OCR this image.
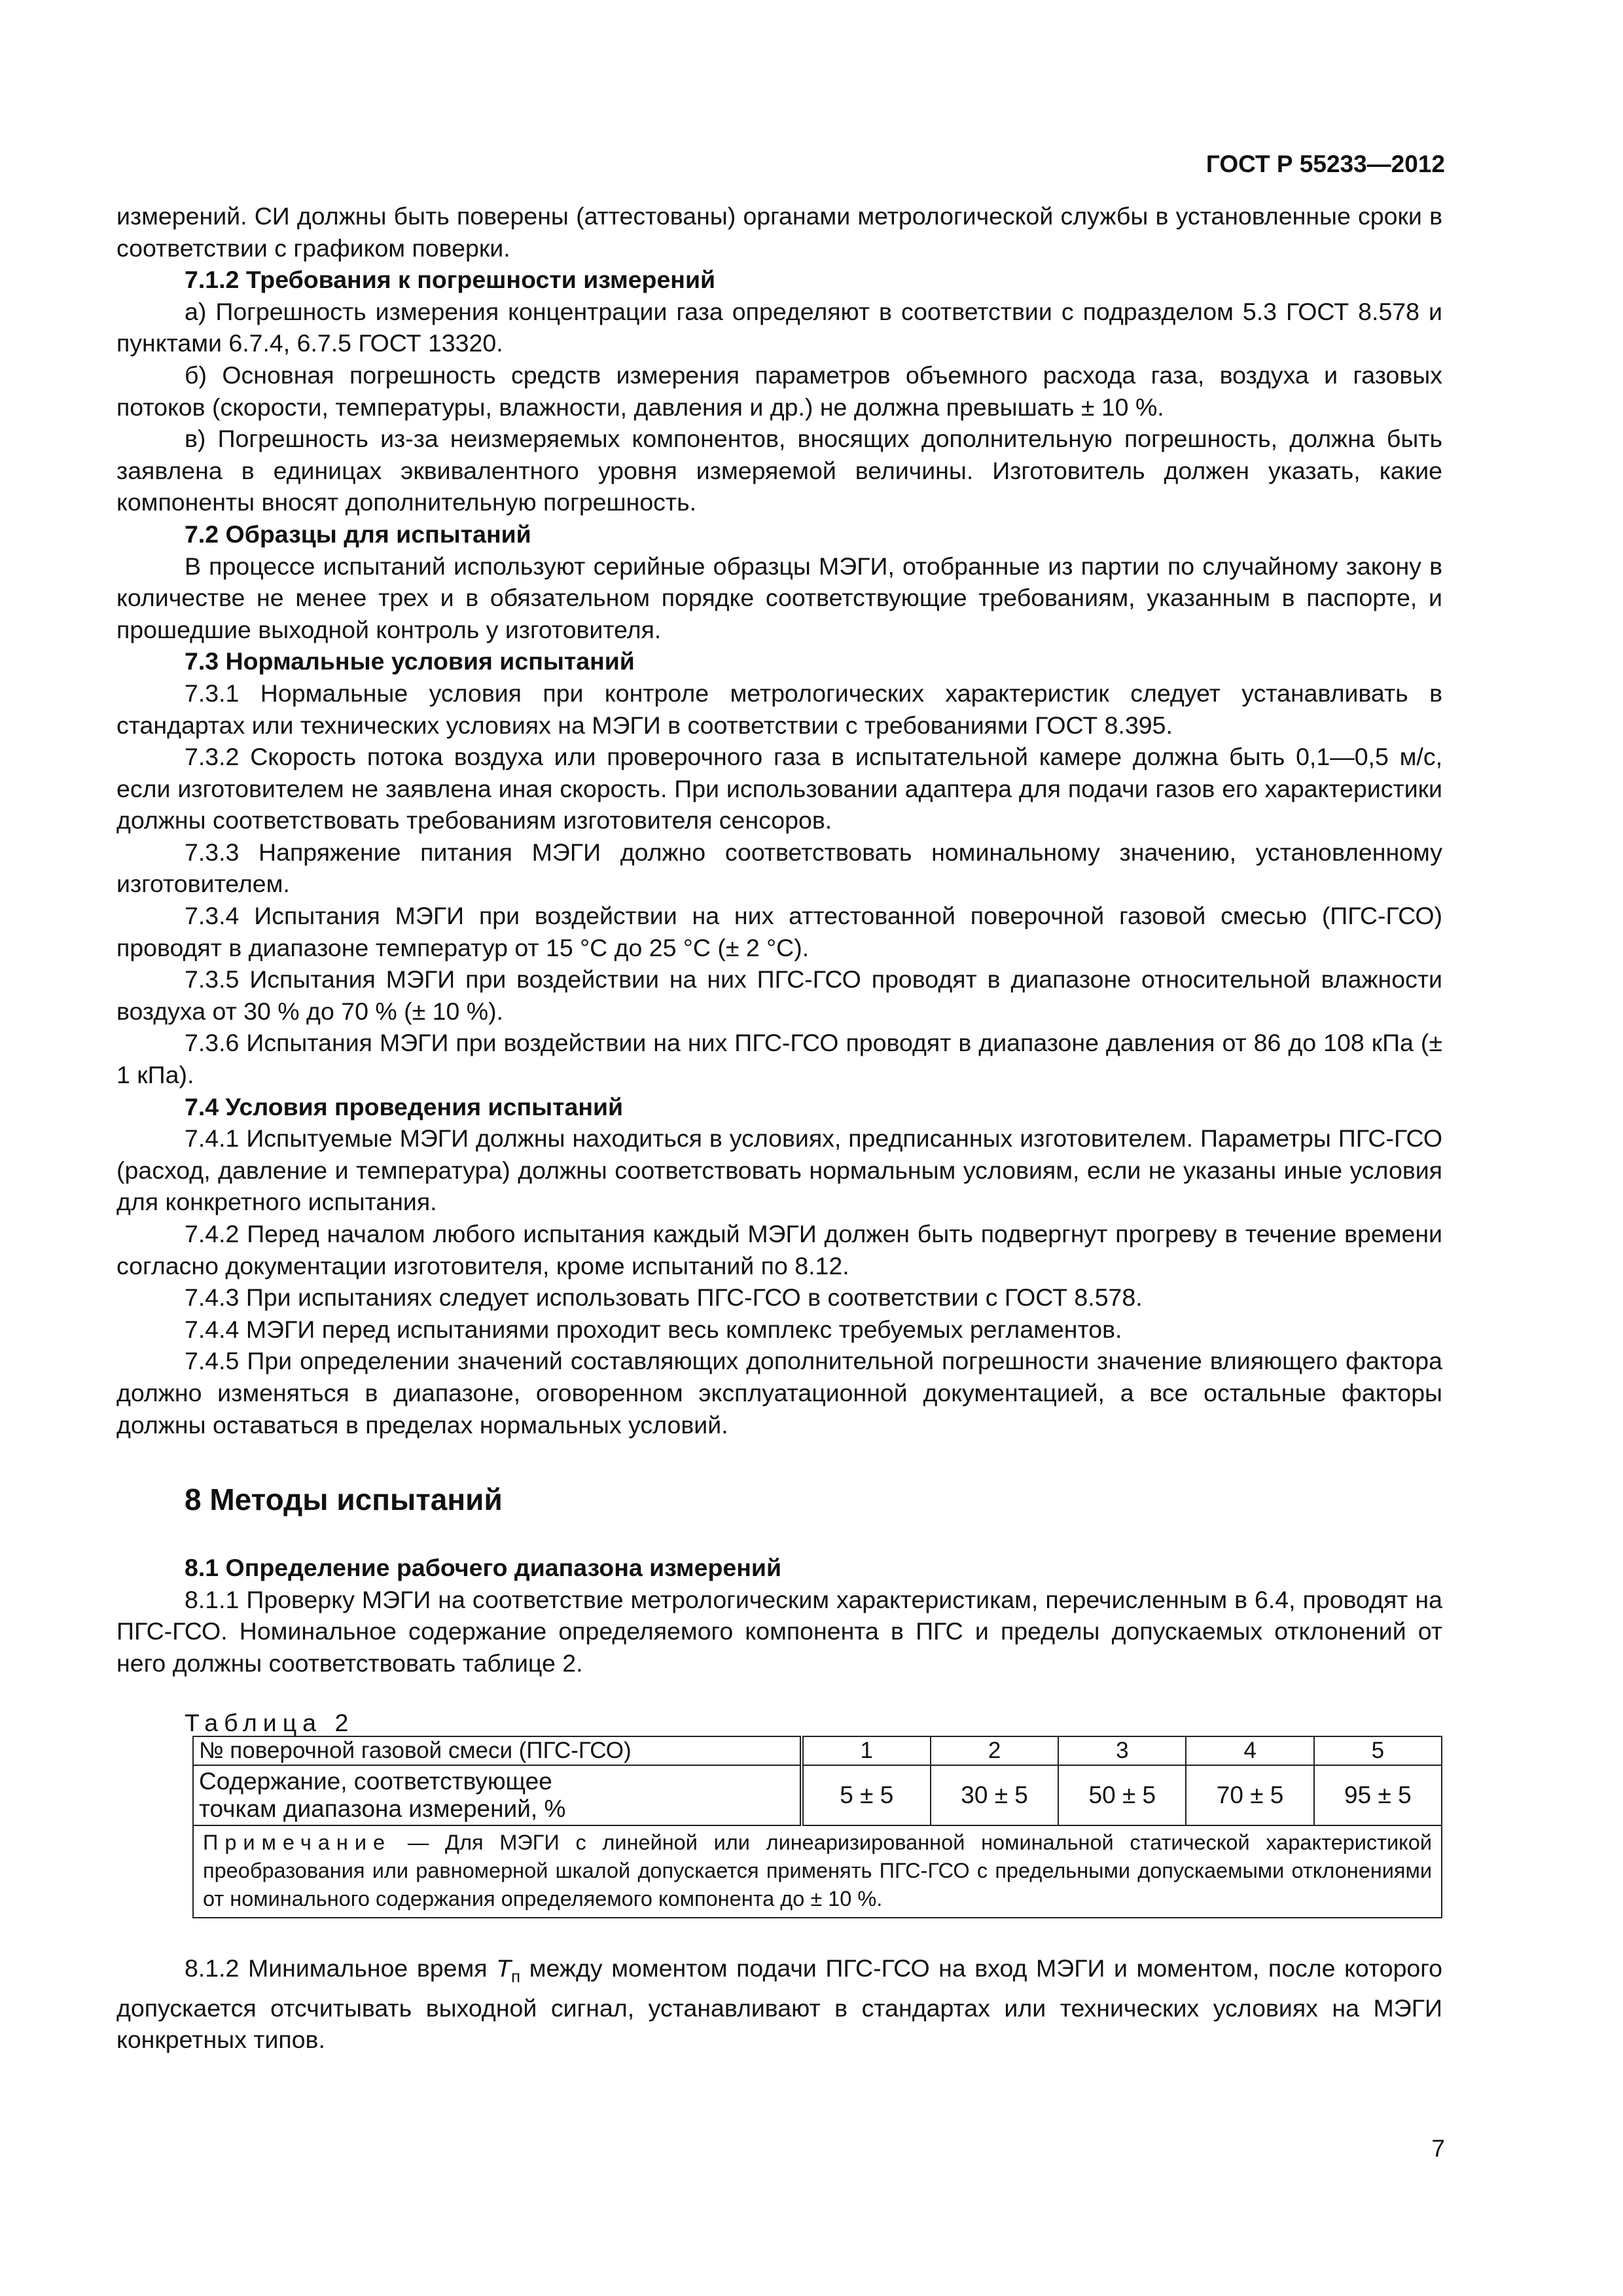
ГОСТ Р 55233—2012

измерений. СИ должны быть поверены (аттестованы) органами метрологической службы в установленные сроки в соответствии с графиком поверки.

7.1.2 Требования к погрешности измерений

а) Погрешность измерения концентрации газа определяют в соответствии с подразделом 5.3 ГОСТ 8.578 и пунктами 6.7.4, 6.7.5 ГОСТ 13320.

б) Основная погрешность средств измерения параметров объемного расхода газа, воздуха и газовых потоков (скорости, температуры, влажности, давления и др.) не должна превышать ± 10 %.

в) Погрешность из-за неизмеряемых компонентов, вносящих дополнительную погрешность, должна быть заявлена в единицах эквивалентного уровня измеряемой величины. Изготовитель должен указать, какие компоненты вносят дополнительную погрешность.

7.2 Образцы для испытаний

В процессе испытаний используют серийные образцы МЭГИ, отобранные из партии по случайному закону в количестве не менее трех и в обязательном порядке соответствующие требованиям, указанным в паспорте, и прошедшие выходной контроль у изготовителя.

7.3 Нормальные условия испытаний

7.3.1 Нормальные условия при контроле метрологических характеристик следует устанавливать в стандартах или технических условиях на МЭГИ в соответствии с требованиями ГОСТ 8.395.

7.3.2 Скорость потока воздуха или проверочного газа в испытательной камере должна быть 0,1—0,5 м/с, если изготовителем не заявлена иная скорость. При использовании адаптера для подачи газов его характеристики должны соответствовать требованиям изготовителя сенсоров.

7.3.3 Напряжение питания МЭГИ должно соответствовать номинальному значению, установленному изготовителем.

7.3.4 Испытания МЭГИ при воздействии на них аттестованной поверочной газовой смесью (ПГС-ГСО) проводят в диапазоне температур от 15 °С до 25 °С (± 2 °С).

7.3.5 Испытания МЭГИ при воздействии на них ПГС-ГСО проводят в диапазоне относительной влажности воздуха от 30 % до 70 % (± 10 %).

7.3.6 Испытания МЭГИ при воздействии на них ПГС-ГСО проводят в диапазоне давления от 86 до 108 кПа (± 1 кПа).

7.4 Условия проведения испытаний

7.4.1 Испытуемые МЭГИ должны находиться в условиях, предписанных изготовителем. Параметры ПГС-ГСО (расход, давление и температура) должны соответствовать нормальным условиям, если не указаны иные условия для конкретного испытания.

7.4.2 Перед началом любого испытания каждый МЭГИ должен быть подвергнут прогреву в течение времени согласно документации изготовителя, кроме испытаний по 8.12.

7.4.3 При испытаниях следует использовать ПГС-ГСО в соответствии с ГОСТ 8.578.

7.4.4 МЭГИ перед испытаниями проходит весь комплекс требуемых регламентов.

7.4.5 При определении значений составляющих дополнительной погрешности значение влияющего фактора должно изменяться в диапазоне, оговоренном эксплуатационной документацией, а все остальные факторы должны оставаться в пределах нормальных условий.

8 Методы испытаний

8.1 Определение рабочего диапазона измерений

8.1.1 Проверку МЭГИ на соответствие метрологическим характеристикам, перечисленным в 6.4, проводят на ПГС-ГСО. Номинальное содержание определяемого компонента в ПГС и пределы допускаемых отклонений от него должны соответствовать таблице 2.

Таблица 2
№ поверочной газовой смеси (ПГС-ГСО)	1	2	3	4	5
Содержание, соответствующее
точкам диапазона измерений, %	5 ± 5	30 ± 5	50 ± 5	70 ± 5	95 ± 5
Примечание — Для МЭГИ с линейной или линеаризированной номинальной статической характеристикой преобразования или равномерной шкалой допускается применять ПГС-ГСО с предельными допускаемыми отклонениями от номинального содержания определяемого компонента до ± 10 %.					

8.1.2 Минимальное время $T_п$ между моментом подачи ПГС-ГСО на вход МЭГИ и моментом, после которого допускается отсчитывать выходной сигнал, устанавливают в стандартах или технических условиях на МЭГИ конкретных типов.

7
